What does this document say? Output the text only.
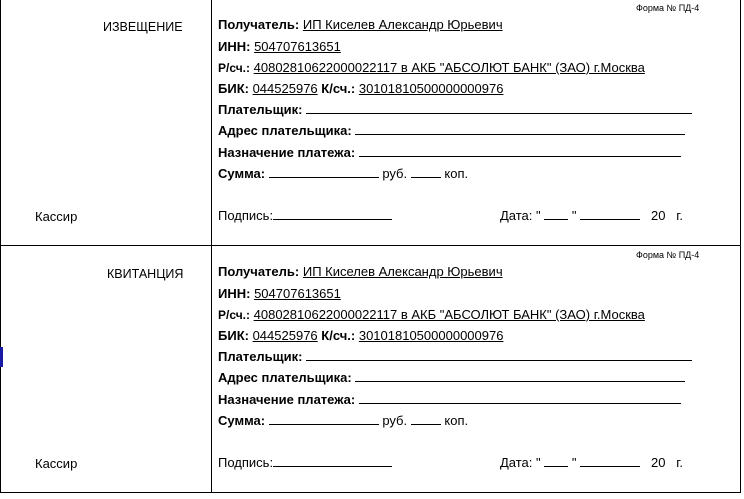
ИЗВЕЩЕНИЕ
Форма № ПД-4
Кассир
Получатель: ИП Киселев Александр Юрьевич
ИНН: 504707613651
Р/сч.: 40802810622000022117 в АКБ "АБСОЛЮТ БАНК" (ЗАО) г.Москва
БИК: 044525976 К/сч.: 30101810500000000976
Плательщик:
Адрес плательщика:
Назначение платежа:
Сумма:	руб.	коп.
Подпись:	Дата: " "	20 г.
КВИТАНЦИЯ
Форма № ПД-4
Кассир
Получатель: ИП Киселев Александр Юрьевич
ИНН: 504707613651
Р/сч.: 40802810622000022117 в АКБ "АБСОЛЮТ БАНК" (ЗАО) г.Москва
БИК: 044525976 К/сч.: 30101810500000000976
Плательщик:
Адрес плательщика:
Назначение платежа:
Сумма:	руб.	коп.
Подпись:	Дата: " "	20 г.
